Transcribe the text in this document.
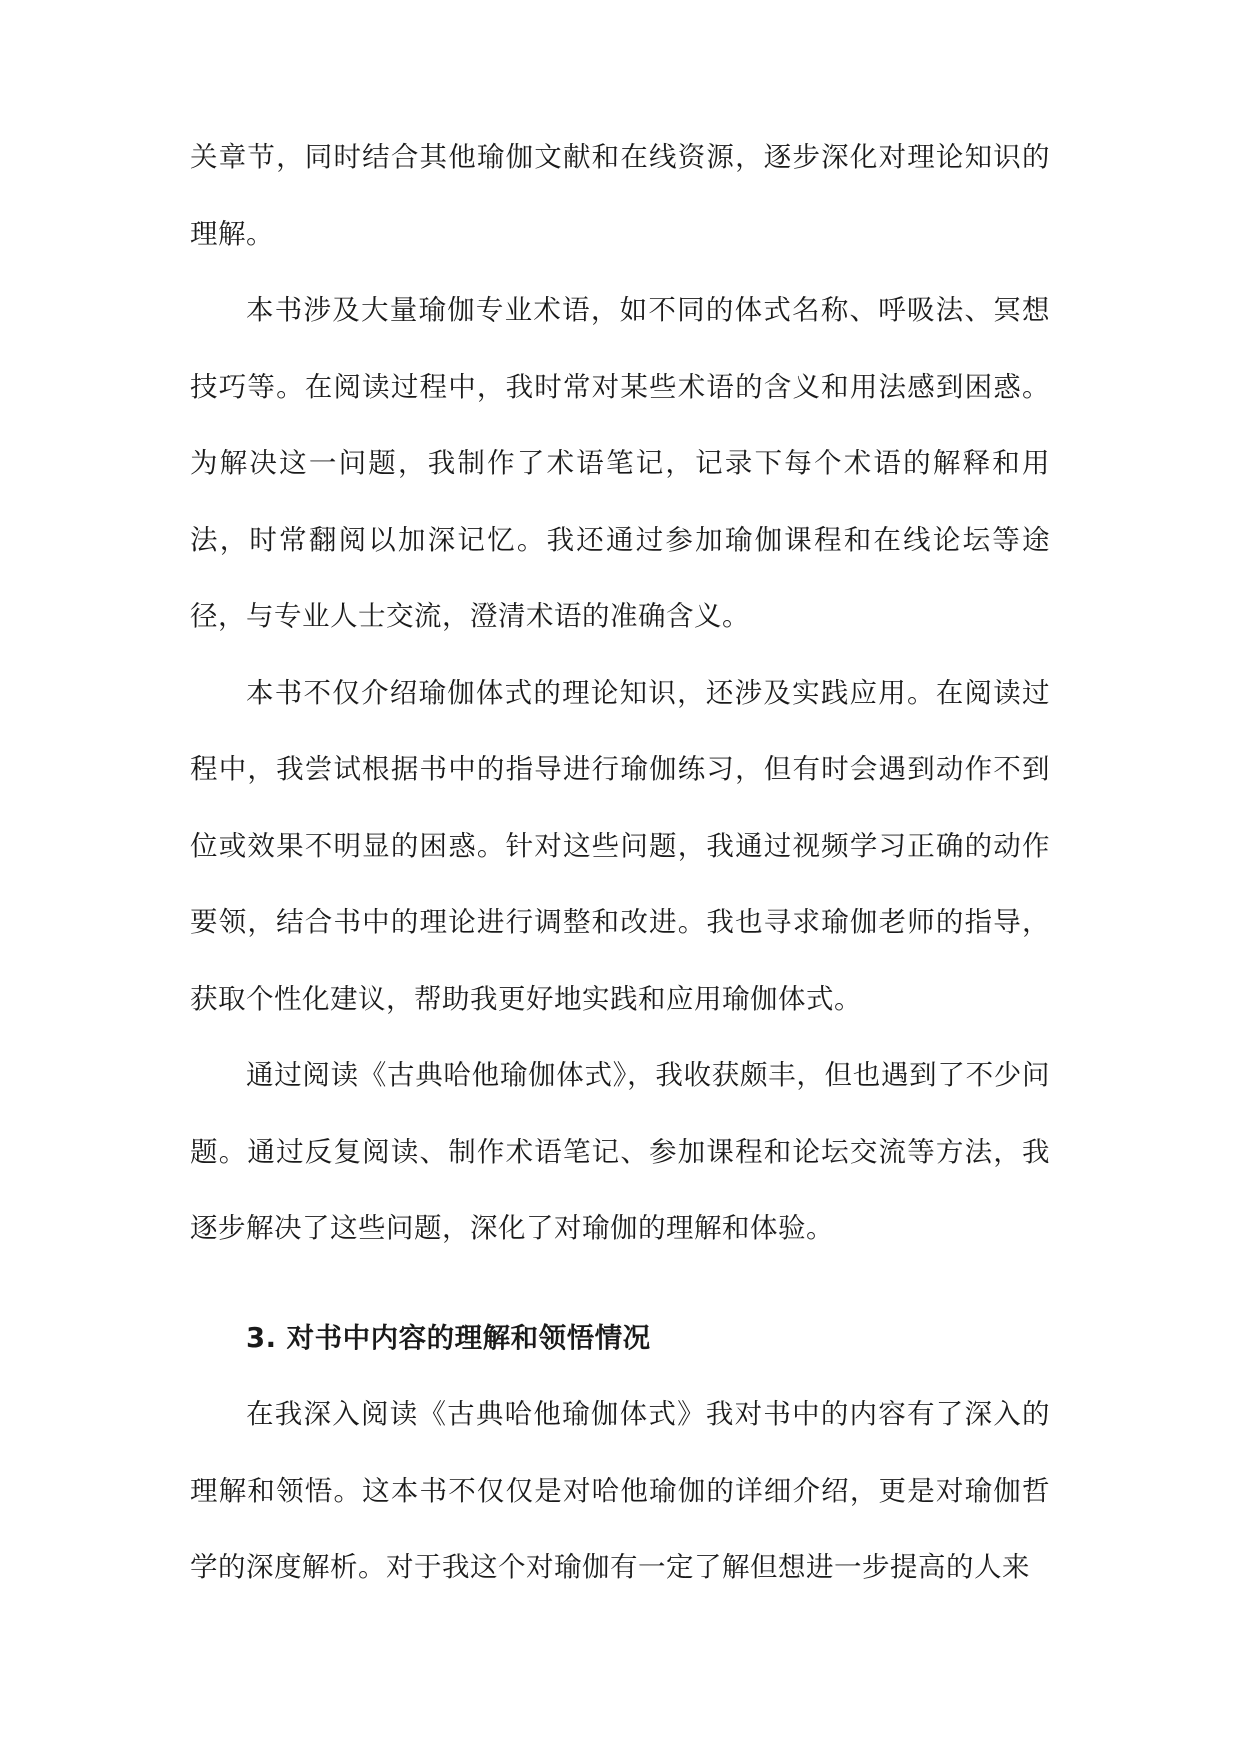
关章节，同时结合其他瑜伽文献和在线资源，逐步深化对理论知识的理解。

本书涉及大量瑜伽专业术语，如不同的体式名称、呼吸法、冥想技巧等。在阅读过程中，我时常对某些术语的含义和用法感到困惑。为解决这一问题，我制作了术语笔记，记录下每个术语的解释和用法，时常翻阅以加深记忆。我还通过参加瑜伽课程和在线论坛等途径，与专业人士交流，澄清术语的准确含义。

本书不仅介绍瑜伽体式的理论知识，还涉及实践应用。在阅读过程中，我尝试根据书中的指导进行瑜伽练习，但有时会遇到动作不到位或效果不明显的困惑。针对这些问题，我通过视频学习正确的动作要领，结合书中的理论进行调整和改进。我也寻求瑜伽老师的指导，获取个性化建议，帮助我更好地实践和应用瑜伽体式。

通过阅读《古典哈他瑜伽体式》，我收获颇丰，但也遇到了不少问题。通过反复阅读、制作术语笔记、参加课程和论坛交流等方法，我逐步解决了这些问题，深化了对瑜伽的理解和体验。

3. 对书中内容的理解和领悟情况

在我深入阅读《古典哈他瑜伽体式》我对书中的内容有了深入的理解和领悟。这本书不仅仅是对哈他瑜伽的详细介绍，更是对瑜伽哲学的深度解析。对于我这个对瑜伽有一定了解但想进一步提高的人来
